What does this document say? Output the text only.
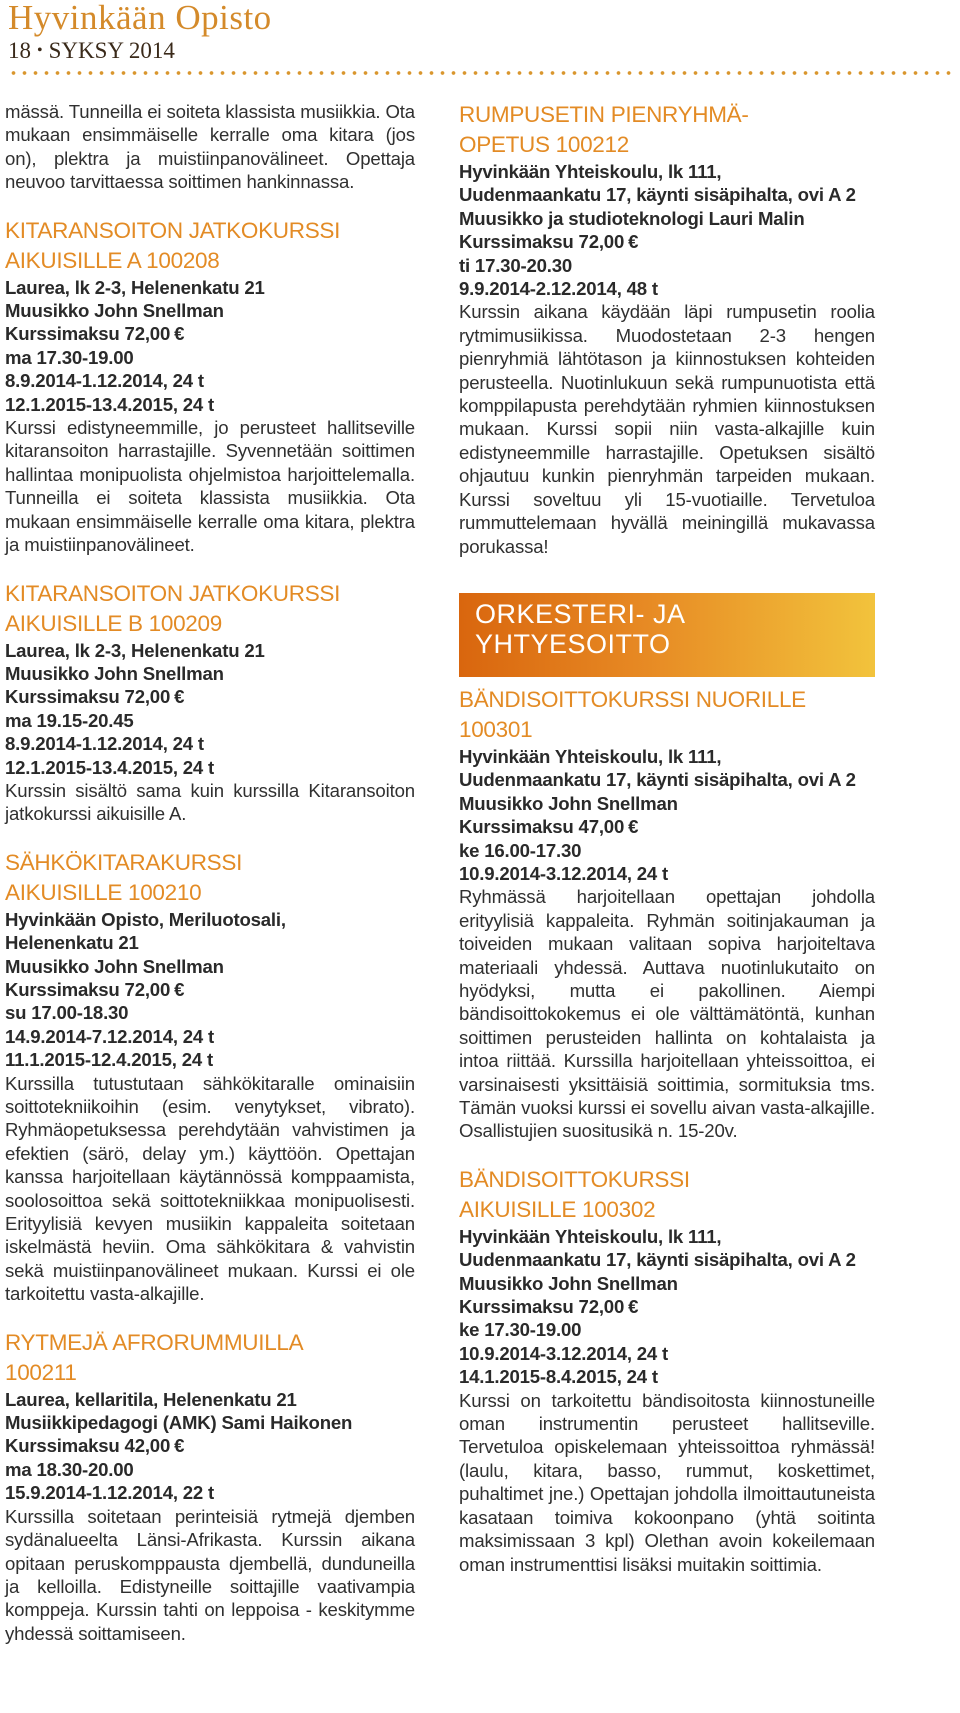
Hyvinkään Opisto
18 • SYKSY 2014

mässä. Tunneilla ei soiteta klassista musiikkia. Ota mukaan ensimmäiselle kerralle oma kitara (jos on), plektra ja muistiinpanovälineet. Opettaja neuvoo tarvittaessa soittimen hankinnassa.

KITARANSOITON JATKOKURSSI
AIKUISILLE A 100208

Laurea, lk 2-3, Helenenkatu 21

Muusikko John Snellman

Kurssimaksu 72,00 €

ma 17.30-19.00

8.9.2014-1.12.2014, 24 t

12.1.2015-13.4.2015, 24 t

Kurssi edistyneemmille, jo perusteet hallitseville kitaransoiton harrastajille. Syvennetään soittimen hallintaa monipuolista ohjelmistoa harjoittelemalla. Tunneilla ei soiteta klassista musiikkia. Ota mukaan ensimmäiselle kerralle oma kitara, plektra ja muistiinpanovälineet.

KITARANSOITON JATKOKURSSI
AIKUISILLE B 100209

Laurea, lk 2-3, Helenenkatu 21

Muusikko John Snellman

Kurssimaksu 72,00 €

ma 19.15-20.45

8.9.2014-1.12.2014, 24 t

12.1.2015-13.4.2015, 24 t

Kurssin sisältö sama kuin kurssilla Kitaransoiton jatkokurssi aikuisille A.

SÄHKÖKITARAKURSSI
AIKUISILLE 100210

Hyvinkään Opisto, Meriluotosali,

Helenenkatu 21

Muusikko John Snellman

Kurssimaksu 72,00 €

su 17.00-18.30

14.9.2014-7.12.2014, 24 t

11.1.2015-12.4.2015, 24 t

Kurssilla tutustutaan sähkökitaralle ominaisiin soittotekniikoihin (esim. venytykset, vibrato). Ryhmäopetuksessa perehdytään vahvistimen ja efektien (särö, delay ym.) käyttöön. Opettajan kanssa harjoitellaan käytännössä komppaamista, soolosoittoa sekä soittotekniikkaa monipuolisesti. Erityylisiä kevyen musiikin kappaleita soitetaan iskelmästä heviin. Oma sähkökitara & vahvistin sekä muistiinpanovälineet mukaan. Kurssi ei ole tarkoitettu vasta-alkajille.

RYTMEJÄ AFRORUMMUILLA
100211

Laurea, kellaritila, Helenenkatu 21

Musiikkipedagogi (AMK) Sami Haikonen

Kurssimaksu 42,00 €

ma 18.30-20.00

15.9.2014-1.12.2014, 22 t

Kurssilla soitetaan perinteisiä rytmejä djemben sydänalueelta Länsi-Afrikasta. Kurssin aikana opitaan peruskomppausta djembellä, dunduneilla ja kelloilla. Edistyneille soittajille vaativampia komppeja. Kurssin tahti on leppoisa - keskitymme yhdessä soittamiseen.

RUMPUSETIN PIENRYHMÄ-
OPETUS 100212

Hyvinkään Yhteiskoulu, lk 111,

Uudenmaankatu 17, käynti sisäpihalta, ovi A 2

Muusikko ja studioteknologi Lauri Malin

Kurssimaksu 72,00 €

ti 17.30-20.30

9.9.2014-2.12.2014, 48 t

Kurssin aikana käydään läpi rumpusetin roolia rytmimusiikissa. Muodostetaan 2-3 hengen pienryhmiä lähtötason ja kiinnostuksen kohteiden perusteella. Nuotinlukuun sekä rumpunuotista että komppilapusta perehdytään ryhmien kiinnostuksen mukaan. Kurssi sopii niin vasta-alkajille kuin edistyneemmille harrastajille. Opetuksen sisältö ohjautuu kunkin pienryhmän tarpeiden mukaan. Kurssi soveltuu yli 15-vuotiaille. Tervetuloa rummuttelemaan hyvällä meiningillä mukavassa porukassa!

ORKESTERI- JA
YHTYESOITTO
BÄNDISOITTOKURSSI NUORILLE
100301

Hyvinkään Yhteiskoulu, lk 111,

Uudenmaankatu 17, käynti sisäpihalta, ovi A 2

Muusikko John Snellman

Kurssimaksu 47,00 €

ke 16.00-17.30

10.9.2014-3.12.2014, 24 t

Ryhmässä harjoitellaan opettajan johdolla erityylisiä kappaleita. Ryhmän soitinjakauman ja toiveiden mukaan valitaan sopiva harjoiteltava materiaali yhdessä. Auttava nuotinlukutaito on hyödyksi, mutta ei pakollinen. Aiempi bändisoittokokemus ei ole välttämätöntä, kunhan soittimen perusteiden hallinta on kohtalaista ja intoa riittää. Kurssilla harjoitellaan yhteissoittoa, ei varsinaisesti yksittäisiä soittimia, sormituksia tms. Tämän vuoksi kurssi ei sovellu aivan vasta-alkajille. Osallistujien suositusikä n. 15-20v.

BÄNDISOITTOKURSSI
AIKUISILLE 100302

Hyvinkään Yhteiskoulu, lk 111,

Uudenmaankatu 17, käynti sisäpihalta, ovi A 2

Muusikko John Snellman

Kurssimaksu 72,00 €

ke 17.30-19.00

10.9.2014-3.12.2014, 24 t

14.1.2015-8.4.2015, 24 t

Kurssi on tarkoitettu bändisoitosta kiinnostuneille oman instrumentin perusteet hallitseville. Tervetuloa opiskelemaan yhteissoittoa ryhmässä! (laulu, kitara, basso, rummut, koskettimet, puhaltimet jne.) Opettajan johdolla ilmoittautuneista kasataan toimiva kokoonpano (yhtä soitinta maksimissaan 3 kpl) Olethan avoin kokeilemaan oman instrumenttisi lisäksi muitakin soittimia.
